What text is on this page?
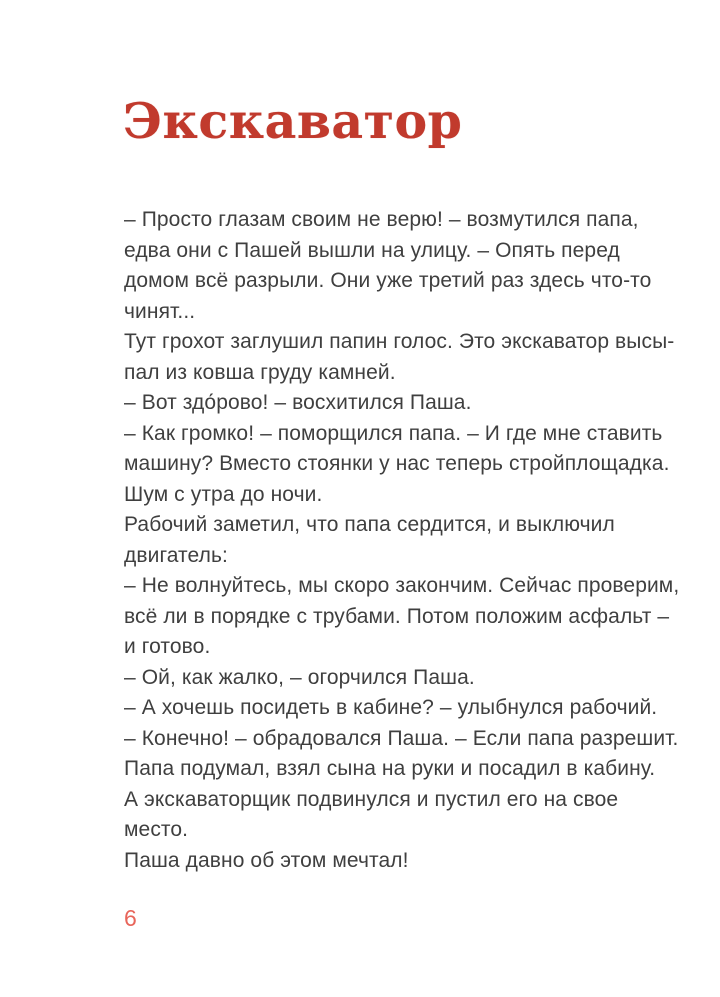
Экскаватор
– Просто глазам своим не верю! – возмутился папа,
едва они с Пашей вышли на улицу. – Опять перед
домом всё разрыли. Они уже третий раз здесь что-то
чинят...
Тут грохот заглушил папин голос. Это экскаватор высы-
пал из ковша груду камней.
– Вот здо́рово! – восхитился Паша.
– Как громко! – поморщился папа. – И где мне ставить
машину? Вместо стоянки у нас теперь стройплощадка.
Шум с утра до ночи.
Рабочий заметил, что папа сердится, и выключил
двигатель:
– Не волнуйтесь, мы скоро закончим. Сейчас проверим,
всё ли в порядке с трубами. Потом положим асфальт –
и готово.
– Ой, как жалко, – огорчился Паша.
– А хочешь посидеть в кабине? – улыбнулся рабочий.
– Конечно! – обрадовался Паша. – Если папа разрешит.
Папа подумал, взял сына на руки и посадил в кабину.
А экскаваторщик подвинулся и пустил его на свое
место.
Паша давно об этом мечтал!
6
